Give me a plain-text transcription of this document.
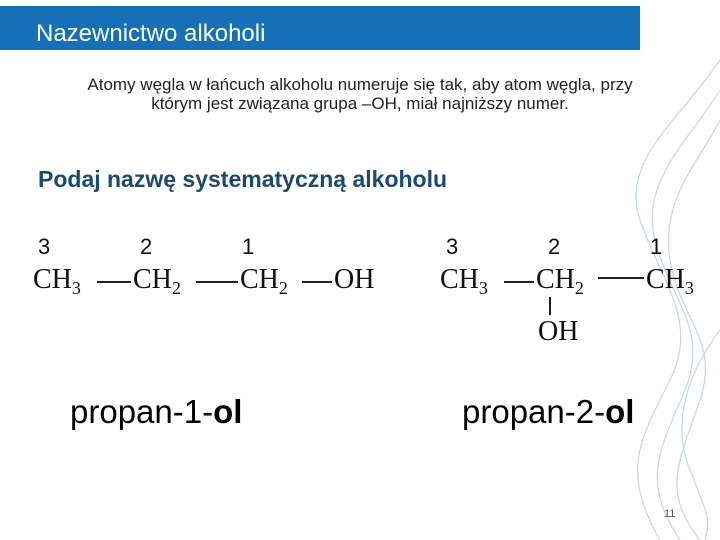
Nazewnictwo alkoholi
Atomy węgla w łańcuch alkoholu numeruje się tak, aby atom węgla, przy
którym jest związana grupa –OH, miał najniższy numer.
Podaj nazwę systematyczną alkoholu
3	2	1
$CH_3$ $CH_2$ $CH_2$ OH
propan-1-ol
3	2	1
$CH_3$ $CH_2$ $CH_3$
OH
propan-2-ol
11
